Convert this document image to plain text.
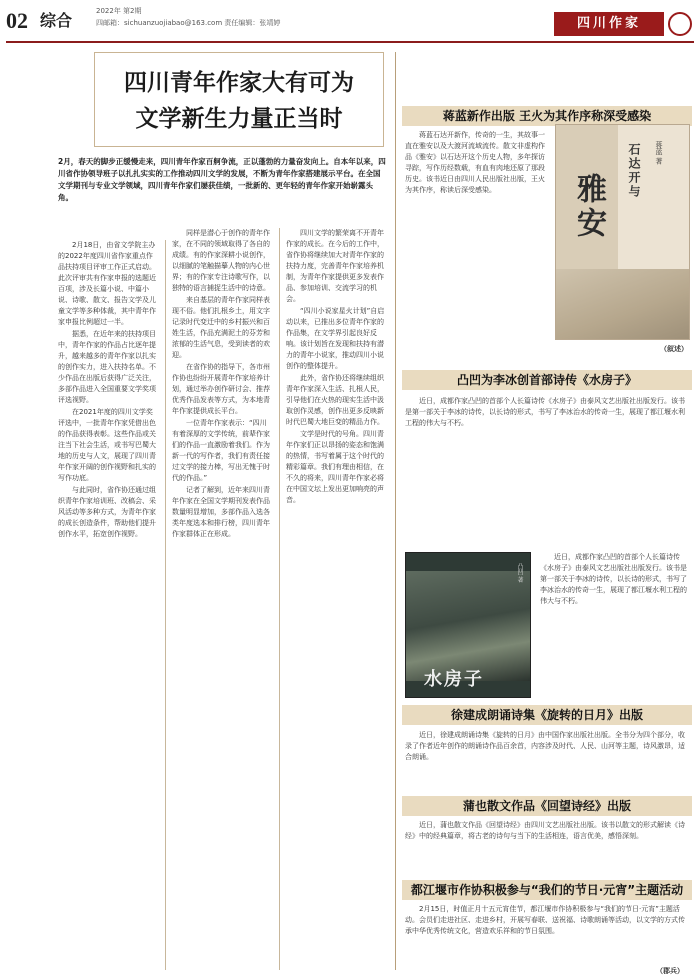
02 综合	2022年 第2期
四邮箱：sichuanzuojiabao@163.com 责任编辑：张靖婷	四川作家
四川青年作家大有可为
文学新生力量正当时
2月，春天的脚步正缓慢走来，四川青年作家百舸争流，正以蓬勃的力量奋发向上。自本年以来，四川省作协领导班子以扎扎实实的工作推动四川文学的发展，不断为青年作家搭建展示平台。在全国文学期刊与专业文学领域，四川青年作家们屡获佳绩，一批新的、更年轻的青年作家开始崭露头角。

2月18日，由省文学院主办的2022年度四川省作家重点作品扶持项目评审工作正式启动。此次评审共有作家申报的选题近百项，涉及长篇小说、中篇小说、诗歌、散文、报告文学及儿童文学等多种体裁，其中青年作家申报比例超过一半。

据悉，在近年来的扶持项目中，青年作家的作品占比逐年提升，越来越多的青年作家以扎实的创作实力，进入扶持名单。不少作品在出版后获得广泛关注，多部作品进入全国重要文学奖项评选视野。

在2021年度的四川文学奖评选中，一批青年作家凭借出色的作品获得表彰。这些作品或关注当下社会生活，或书写巴蜀大地的历史与人文，展现了四川青年作家开阔的创作视野和扎实的写作功底。

与此同时，省作协还通过组织青年作家培训班、改稿会、采风活动等多种方式，为青年作家的成长创造条件，帮助他们提升创作水平，拓宽创作视野。

同样是潜心于创作的青年作家，在不同的领域取得了各自的成绩。有的作家深耕小说创作，以细腻的笔触描摹人物的内心世界；有的作家专注诗歌写作，以独特的语言捕捉生活中的诗意。

来自基层的青年作家同样表现不俗。他们扎根乡土，用文字记录时代变迁中的乡村振兴和百姓生活，作品充满泥土的芬芳和浓郁的生活气息，受到读者的欢迎。

在省作协的指导下，各市州作协也纷纷开展青年作家培养计划，通过举办创作研讨会、推荐优秀作品发表等方式，为本地青年作家提供成长平台。

一位青年作家表示：“四川有着深厚的文学传统，前辈作家们的作品一直激励着我们。作为新一代的写作者，我们有责任接过文学的接力棒，写出无愧于时代的作品。”

记者了解到，近年来四川青年作家在全国文学期刊发表作品数量明显增加，多部作品入选各类年度选本和排行榜，四川青年作家群体正在形成。

四川文学的繁荣离不开青年作家的成长。在今后的工作中，省作协将继续加大对青年作家的扶持力度，完善青年作家培养机制，为青年作家提供更多发表作品、参加培训、交流学习的机会。

“四川小说家星火计划”自启动以来，已推出多位青年作家的作品集，在文学界引起良好反响。该计划旨在发现和扶持有潜力的青年小说家，推动四川小说创作的整体提升。

此外，省作协还将继续组织青年作家深入生活、扎根人民，引导他们在火热的现实生活中汲取创作灵感，创作出更多反映新时代巴蜀大地巨变的精品力作。

文学是时代的号角。四川青年作家们正以昂扬的姿态和饱满的热情，书写着属于这个时代的精彩篇章。我们有理由相信，在不久的将来，四川青年作家必将在中国文坛上发出更加响亮的声音。

蒋蓝新作出版 王火为其作序称深受感染

蒋蓝石达开新作，传奇的一生，其故事一直在雅安以及大渡河流域流传。散文非虚构作品《雅安》以石达开这个历史人物，多年探访寻踪，写作历经数载，有血有肉地还原了那段历史。该书近日由四川人民出版社出版，王火为其作序，称读后深受感染。	雅安
石达开与 蒋蓝 著
（叙述）
凸凹为李冰创首部诗传《水房子》

近日，成都作家凸凹的首部个人长篇诗传《水房子》由泰风文艺出版社出版发行。该书是第一部关于李冰的诗传，以长诗的形式，书写了李冰治水的传奇一生，展现了都江堰水利工程的伟大与不朽。

水房子
凸凹 著

近日，成都作家凸凹的首部个人长篇诗传《水房子》由泰风文艺出版社出版发行。该书是第一部关于李冰的诗传，以长诗的形式，书写了李冰治水的传奇一生，展现了都江堰水利工程的伟大与不朽。

徐建成朗诵诗集《旋转的日月》出版

近日，徐建成朗诵诗集《旋转的日月》由中国作家出版社出版。全书分为四个部分，收录了作者近年创作的朗诵诗作品百余首，内容涉及时代、人民、山河等主题，诗风激昂，适合朗诵。

蒲也散文作品《回望诗经》出版

近日，蒲也散文作品《回望诗经》由四川文艺出版社出版。该书以散文的形式解读《诗经》中的经典篇章，将古老的诗句与当下的生活相连，语言优美，感悟深刻。

都江堰市作协积极参与“我们的节日·元宵”主题活动

2月15日，时值正月十五元宵佳节，都江堰市作协积极参与“我们的节日·元宵”主题活动。会员们走进社区、走进乡村，开展写春联、送祝福、诗歌朗诵等活动，以文学的方式传承中华优秀传统文化，营造欢乐祥和的节日氛围。

（郡兵）
